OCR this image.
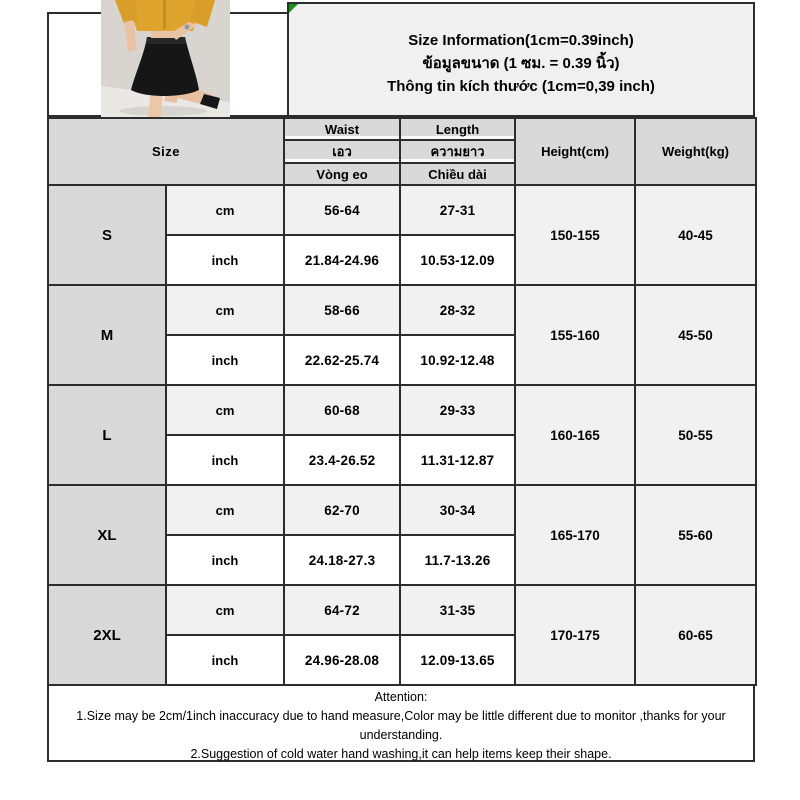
Size Information(1cm=0.39inch)
ข้อมูลขนาด (1 ซม. = 0.39 นิ้ว)
Thông tin kích thước (1cm=0,39 inch)
Size		Waist	Length	Height(cm)	Weight(kg)
		เอว	ความยาว		
		Vòng eo	Chiều dài		
S	cm	56-64	27-31	150-155	40-45
	inch	21.84-24.96	10.53-12.09		
M	cm	58-66	28-32	155-160	45-50
	inch	22.62-25.74	10.92-12.48		
L	cm	60-68	29-33	160-165	50-55
	inch	23.4-26.52	11.31-12.87		
XL	cm	62-70	30-34	165-170	55-60
	inch	24.18-27.3	11.7-13.26		
2XL	cm	64-72	31-35	170-175	60-65
	inch	24.96-28.08	12.09-13.65		
Attention:
1.Size may be 2cm/1inch inaccuracy due to hand measure,Color may be little different due to monitor ,thanks for your understanding.
2.Suggestion of cold water hand washing,it can help items keep their shape.
